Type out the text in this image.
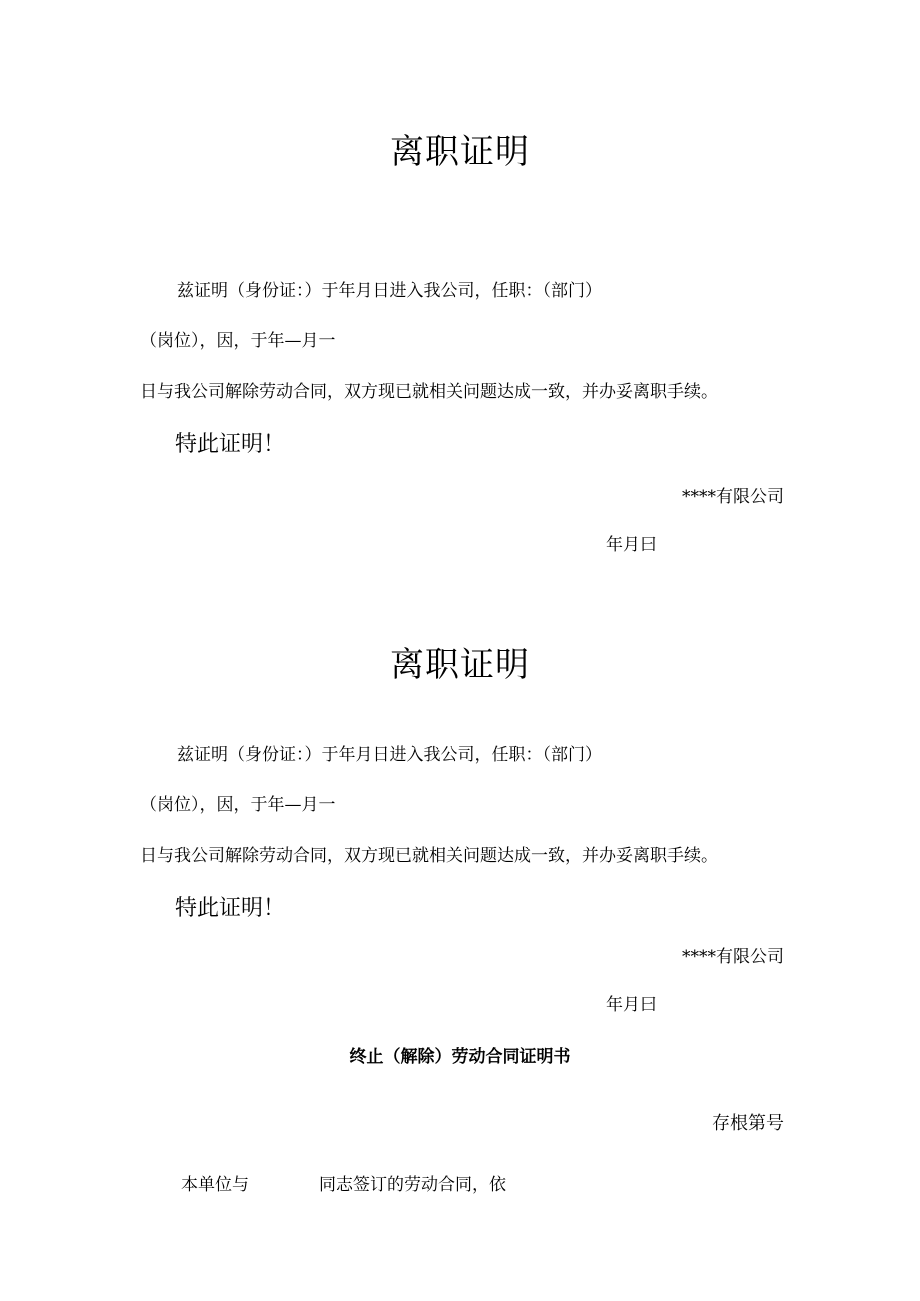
离职证明
兹证明（身份证：）于年月日进入我公司，任职：（部门）
（岗位），因，于年—月一
日与我公司解除劳动合同，双方现已就相关问题达成一致，并办妥离职手续。
特此证明！
****有限公司
年月曰
离职证明
兹证明（身份证：）于年月日进入我公司，任职：（部门）
（岗位），因，于年—月一
日与我公司解除劳动合同，双方现已就相关问题达成一致，并办妥离职手续。
特此证明！
****有限公司
年月曰
终止（解除）劳动合同证明书
存根第号
本单位与	同志签订的劳动合同，依
